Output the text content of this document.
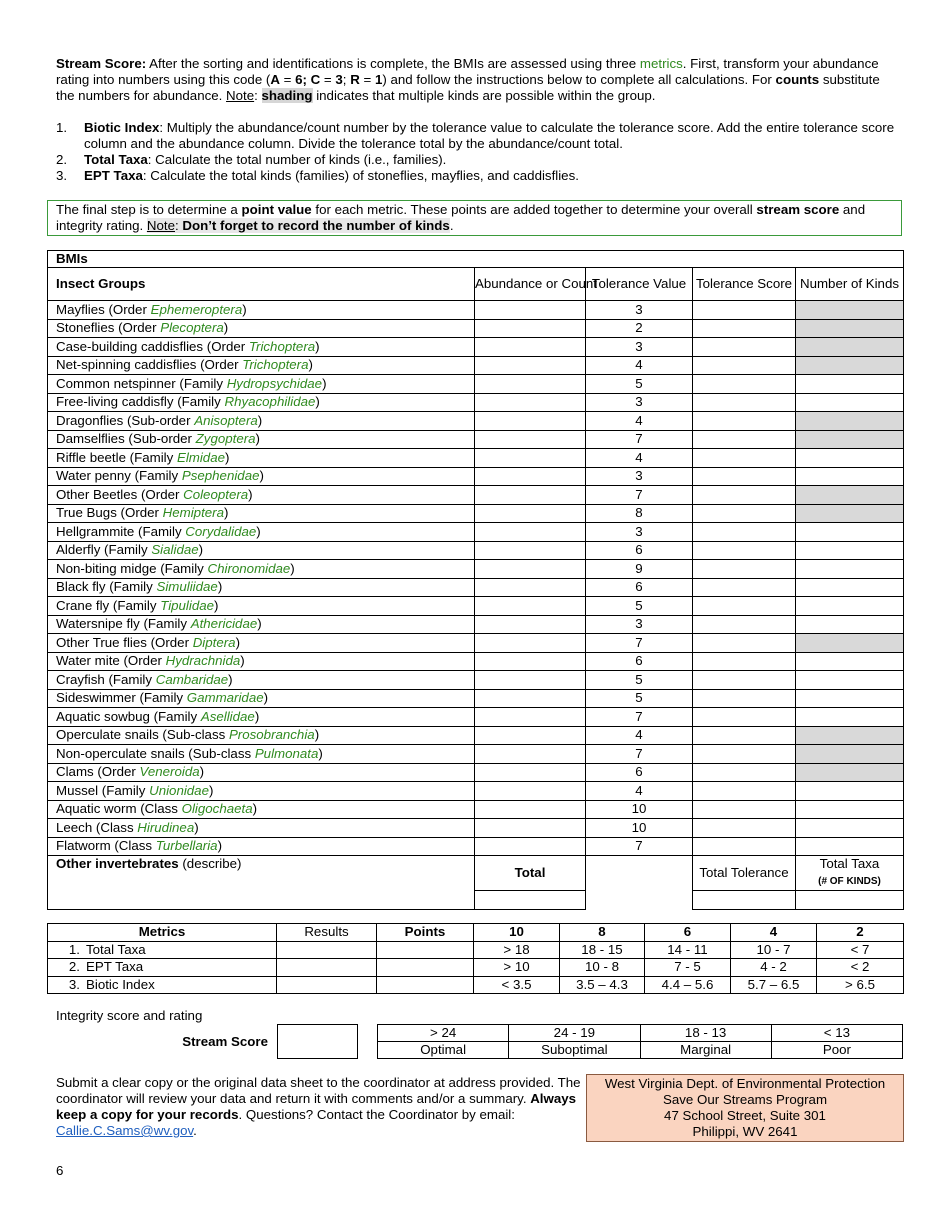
Stream Score: After the sorting and identifications is complete, the BMIs are assessed using three metrics. First, transform your abundance rating into numbers using this code (A = 6; C = 3; R = 1) and follow the instructions below to complete all calculations. For counts substitute the numbers for abundance. Note: shading indicates that multiple kinds are possible within the group.

1.	Biotic Index: Multiply the abundance/count number by the tolerance value to calculate the tolerance score. Add the entire tolerance score column and the abundance column. Divide the tolerance total by the abundance/count total.
2.	Total Taxa: Calculate the total number of kinds (i.e., families).
3.	EPT Taxa: Calculate the total kinds (families) of stoneflies, mayflies, and caddisflies.
The final step is to determine a point value for each metric. These points are added together to determine your overall stream score and integrity rating. Note: Don’t forget to record the number of kinds.
BMIs				
Insect Groups	Abundance or Count	Tolerance Value	Tolerance Score	Number of Kinds
Mayflies (Order Ephemeroptera)		3		
Stoneflies (Order Plecoptera)		2		
Case-building caddisflies (Order Trichoptera)		3		
Net-spinning caddisflies (Order Trichoptera)		4		
Common netspinner (Family Hydropsychidae)		5		
Free-living caddisfly (Family Rhyacophilidae)		3		
Dragonflies (Sub-order Anisoptera)		4		
Damselflies (Sub-order Zygoptera)		7		
Riffle beetle (Family Elmidae)		4		
Water penny (Family Psephenidae)		3		
Other Beetles (Order Coleoptera)		7		
True Bugs (Order Hemiptera)		8		
Hellgrammite (Family Corydalidae)		3		
Alderfly (Family Sialidae)		6		
Non-biting midge (Family Chironomidae)		9		
Black fly (Family Simuliidae)		6		
Crane fly (Family Tipulidae)		5		
Watersnipe fly (Family Athericidae)		3		
Other True flies (Order Diptera)		7		
Water mite (Order Hydrachnida)		6		
Crayfish (Family Cambaridae)		5		
Sideswimmer (Family Gammaridae)		5		
Aquatic sowbug (Family Asellidae)		7		
Operculate snails (Sub-class Prosobranchia)		4		
Non-operculate snails (Sub-class Pulmonata)		7		
Clams (Order Veneroida)		6		
Mussel (Family Unionidae)		4		
Aquatic worm (Class Oligochaeta)		10		
Leech (Class Hirudinea)		10		
Flatworm (Class Turbellaria)		7		
Other invertebrates (describe)	Total		Total Tolerance	Total Taxa
(# OF KINDS)

Metrics	Results	Points	10	8	6	4	2
1. Total Taxa			> 18	18 - 15	14 - 11	10 - 7	< 7
2. EPT Taxa			> 10	10 - 8	7 - 5	4 - 2	< 2
3. Biotic Index			< 3.5	3.5 – 4.3	4.4 – 5.6	5.7 – 6.5	> 6.5
Integrity score and rating
Stream Score
> 24	24 - 19	18 - 13	< 13
Optimal	Suboptimal	Marginal	Poor
Submit a clear copy or the original data sheet to the coordinator at address provided. The coordinator will review your data and return it with comments and/or a summary. Always keep a copy for your records. Questions? Contact the Coordinator by email: Callie.C.Sams@wv.gov.
West Virginia Dept. of Environmental Protection
Save Our Streams Program
47 School Street, Suite 301
Philippi, WV 2641
6
